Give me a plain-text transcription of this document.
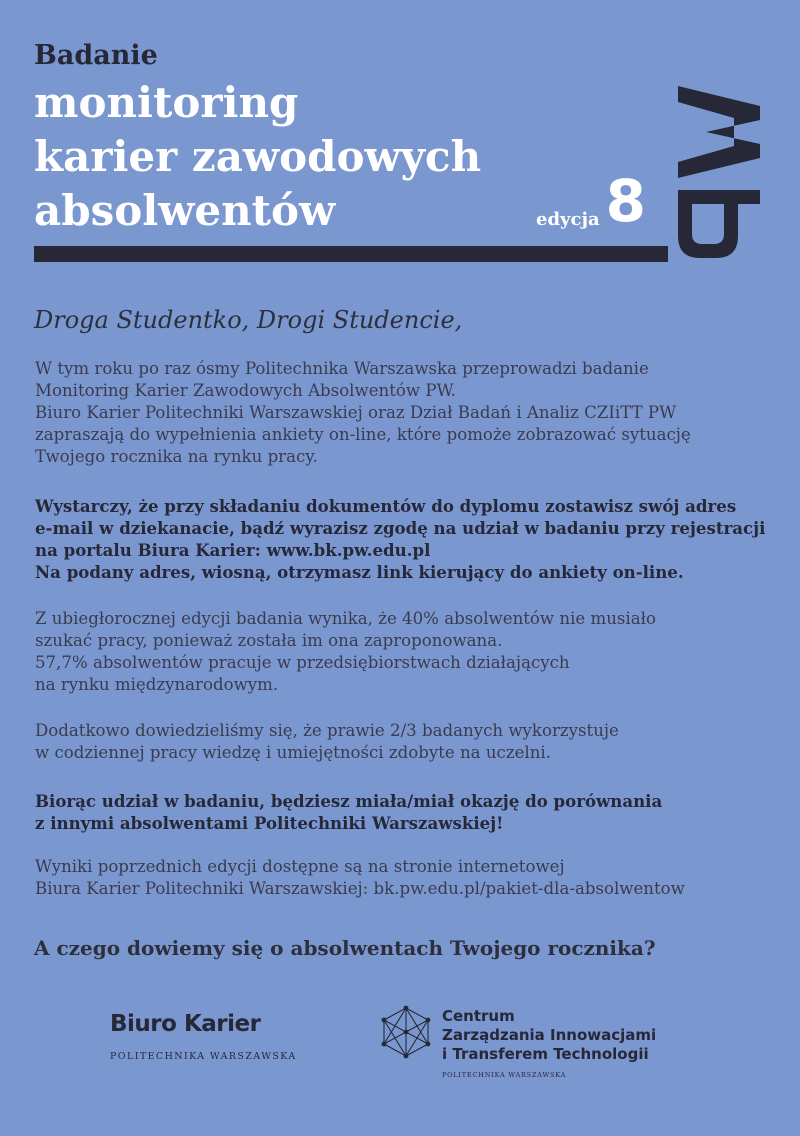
Badanie
monitoring
karier zawodowych
absolwentów	edycja 8
Droga Studentko, Drogi Studencie,
W tym roku po raz ósmy Politechnika Warszawska przeprowadzi badanie
Monitoring Karier Zawodowych Absolwentów PW.
Biuro Karier Politechniki Warszawskiej oraz Dział Badań i Analiz CZIiTT PW
zapraszają do wypełnienia ankiety on-line, które pomoże zobrazować sytuację
Twojego rocznika na rynku pracy.
Wystarczy, że przy składaniu dokumentów do dyplomu zostawisz swój adres
e-mail w dziekanacie, bądź wyrazisz zgodę na udział w badaniu przy rejestracji
na portalu Biura Karier: www.bk.pw.edu.pl
Na podany adres, wiosną, otrzymasz link kierujący do ankiety on-line.
Z ubiegłorocznej edycji badania wynika, że 40% absolwentów nie musiało
szukać pracy, ponieważ została im ona zaproponowana.
57,7% absolwentów pracuje w przedsiębiorstwach działających
na rynku międzynarodowym.
Dodatkowo dowiedzieliśmy się, że prawie 2/3 badanych wykorzystuje
w codziennej pracy wiedzę i umiejętności zdobyte na uczelni.
Biorąc udział w badaniu, będziesz miała/miał okazję do porównania
z innymi absolwentami Politechniki Warszawskiej!
Wyniki poprzednich edycji dostępne są na stronie internetowej
Biura Karier Politechniki Warszawskiej: bk.pw.edu.pl/pakiet-dla-absolwentow
A czego dowiemy się o absolwentach Twojego rocznika?
Biuro Karier
POLITECHNIKA WARSZAWSKA
Centrum
Zarządzania Innowacjami
i Transferem Technologii
POLITECHNIKA WARSZAWSKA
